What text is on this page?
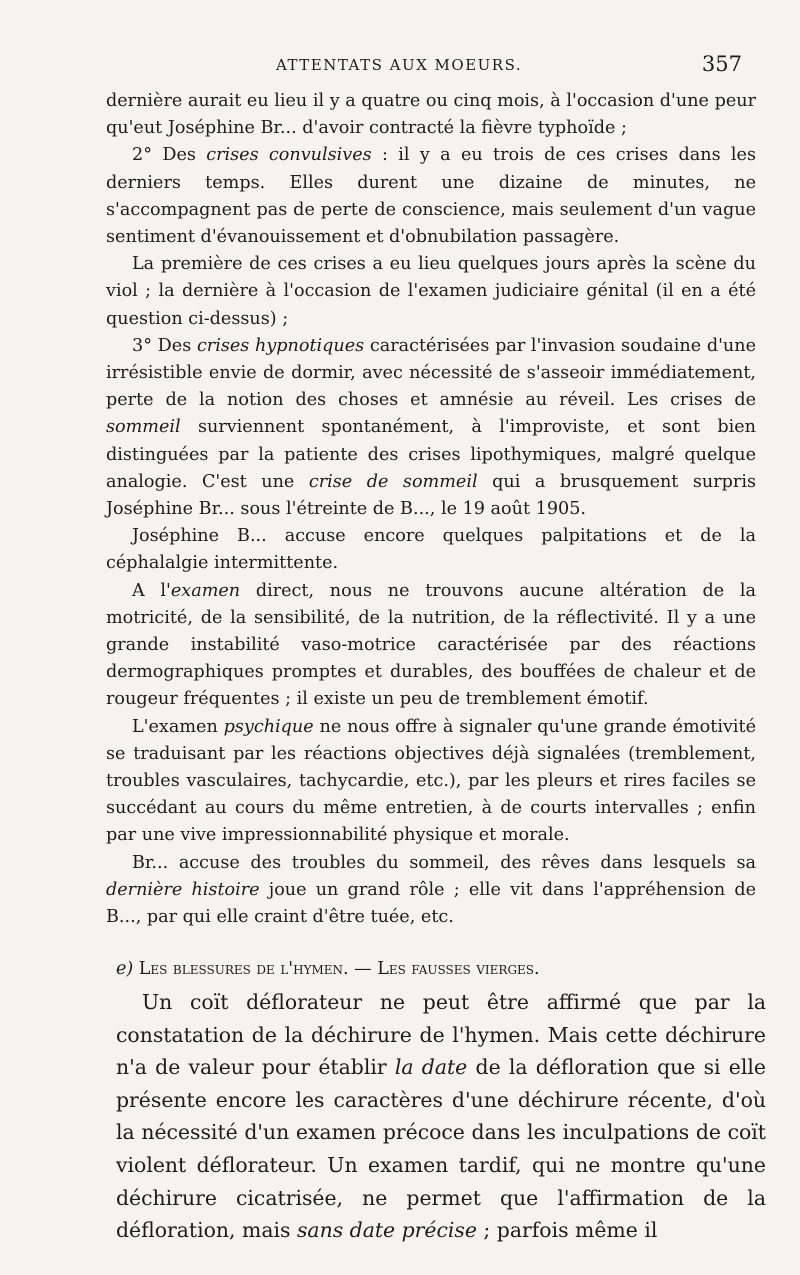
ATTENTATS AUX MOEURS.	357

dernière aurait eu lieu il y a quatre ou cinq mois, à l'occasion d'une peur qu'eut Joséphine Br... d'avoir contracté la fièvre typhoïde ;

2° Des crises convulsives : il y a eu trois de ces crises dans les derniers temps. Elles durent une dizaine de minutes, ne s'accompagnent pas de perte de conscience, mais seulement d'un vague sentiment d'évanouissement et d'obnubilation passagère.

La première de ces crises a eu lieu quelques jours après la scène du viol ; la dernière à l'occasion de l'examen judiciaire génital (il en a été question ci-dessus) ;

3° Des crises hypnotiques caractérisées par l'invasion soudaine d'une irrésistible envie de dormir, avec nécessité de s'asseoir immédiatement, perte de la notion des choses et amnésie au réveil. Les crises de sommeil surviennent spontanément, à l'improviste, et sont bien distinguées par la patiente des crises lipothymiques, malgré quelque analogie. C'est une crise de sommeil qui a brusquement surpris Joséphine Br... sous l'étreinte de B..., le 19 août 1905.

Joséphine B... accuse encore quelques palpitations et de la céphalalgie intermittente.

A l'examen direct, nous ne trouvons aucune altération de la motricité, de la sensibilité, de la nutrition, de la réflectivité. Il y a une grande instabilité vaso-motrice caractérisée par des réactions dermographiques promptes et durables, des bouffées de chaleur et de rougeur fréquentes ; il existe un peu de tremblement émotif.

L'examen psychique ne nous offre à signaler qu'une grande émotivité se traduisant par les réactions objectives déjà signalées (tremblement, troubles vasculaires, tachycardie, etc.), par les pleurs et rires faciles se succédant au cours du même entretien, à de courts intervalles ; enfin par une vive impressionnabilité physique et morale.

Br... accuse des troubles du sommeil, des rêves dans lesquels sa dernière histoire joue un grand rôle ; elle vit dans l'appréhension de B..., par qui elle craint d'être tuée, etc.

e) Les blessures de l'hymen. — Les fausses vierges.

Un coït déflorateur ne peut être affirmé que par la constatation de la déchirure de l'hymen. Mais cette déchirure n'a de valeur pour établir la date de la défloration que si elle présente encore les caractères d'une déchirure récente, d'où la nécessité d'un examen précoce dans les inculpations de coït violent déflorateur. Un examen tardif, qui ne montre qu'une déchirure cicatrisée, ne permet que l'affirmation de la défloration, mais sans date précise ; parfois même il
